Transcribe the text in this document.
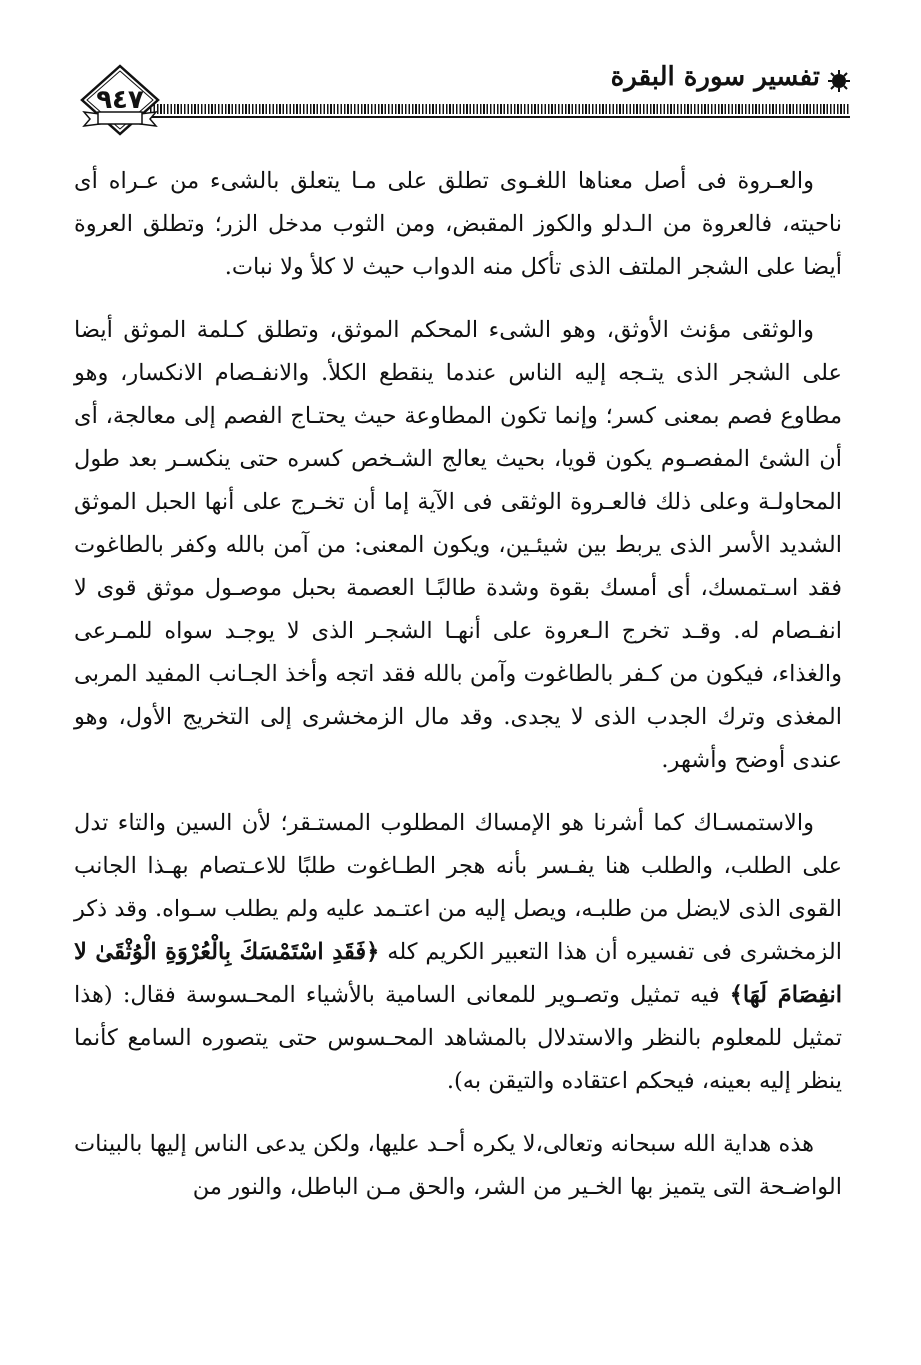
تفسير سورة البقرة
٩٤٧

والعـروة فى أصل معناها اللغـوى تطلق على مـا يتعلق بالشىء من عـراه أى ناحيته، فالعروة من الـدلو والكوز المقبض، ومن الثوب مدخل الزر؛ وتطلق العروة أيضا على الشجر الملتف الذى تأكل منه الدواب حيث لا كلأ ولا نبات.

والوثقى مؤنث الأوثق، وهو الشىء المحكم الموثق، وتطلق كـلمة الموثق أيضا على الشجر الذى يتـجه إليه الناس عندما ينقطع الكلأ. والانفـصام الانكسار، وهو مطاوع فصم بمعنى كسر؛ وإنما تكون المطاوعة حيث يحتـاج الفصم إلى معالجة، أى أن الشئ المفصـوم يكون قويا، بحيث يعالج الشـخص كسره حتى ينكسـر بعد طول المحاولـة وعلى ذلك فالعـروة الوثقى فى الآية إما أن تخـرج على أنها الحبل الموثق الشديد الأسر الذى يربط بين شيئـين، ويكون المعنى: من آمن بالله وكفر بالطاغوت فقد اسـتمسك، أى أمسك بقوة وشدة طالبًـا العصمة بحبل موصـول موثق قوى لا انفـصام له. وقـد تخرج الـعروة على أنهـا الشجـر الذى لا يوجـد سواه للمـرعى والغذاء، فيكون من كـفر بالطاغوت وآمن بالله فقد اتجه وأخذ الجـانب المفيد المربى المغذى وترك الجدب الذى لا يجدى. وقد مال الزمخشرى إلى التخريج الأول، وهو عندى أوضح وأشهر.

والاستمسـاك كما أشرنا هو الإمساك المطلوب المستـقر؛ لأن السين والتاء تدل على الطلب، والطلب هنا يفـسر بأنه هجر الطـاغوت طلبًا للاعـتصام بهـذا الجانب القوى الذى لايضل من طلبـه، ويصل إليه من اعتـمد عليه ولم يطلب سـواه. وقد ذكر الزمخشرى فى تفسيره أن هذا التعبير الكريم كله ﴿فَقَدِ اسْتَمْسَكَ بِالْعُرْوَةِ الْوُثْقَىٰ لا انفِصَامَ لَهَا﴾ فيه تمثيل وتصـوير للمعانى السامية بالأشياء المحـسوسة فقال: (هذا تمثيل للمعلوم بالنظر والاستدلال بالمشاهد المحـسوس حتى يتصوره السامع كأنما ينظر إليه بعينه، فيحكم اعتقاده والتيقن به).

هذه هداية الله سبحانه وتعالى،لا يكره أحـد عليها، ولكن يدعى الناس إليها بالبينات الواضـحة التى يتميز بها الخـير من الشر، والحق مـن الباطل، والنور من
